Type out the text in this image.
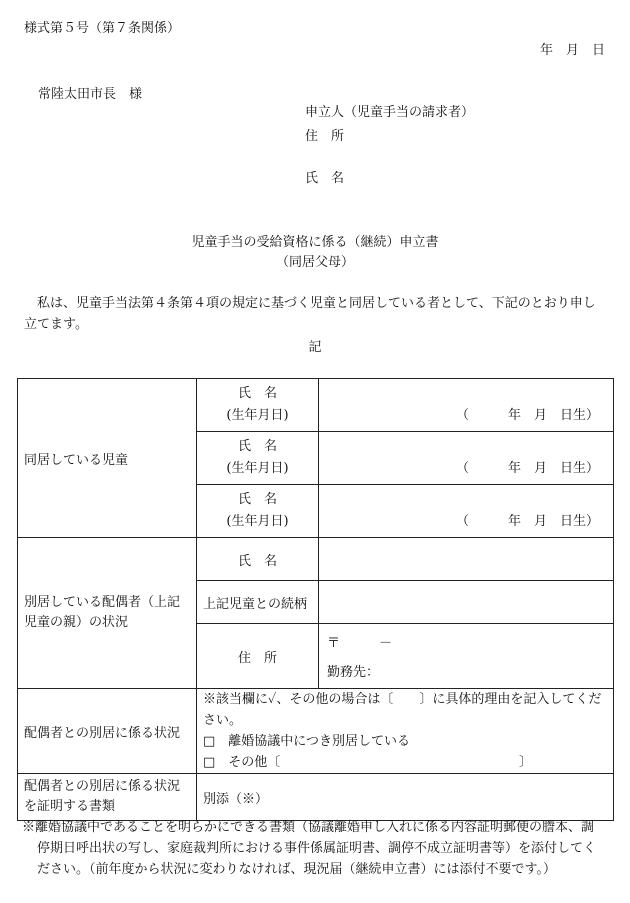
様式第５号（第７条関係）
年　月　日
常陸太田市長　様
申立人（児童手当の請求者）
住　所
氏　名
児童手当の受給資格に係る（継続）申立書
（同居父母）
　私は、児童手当法第４条第４項の規定に基づく児童と同居している者として、下記のとおり申し
立てます。
記
同居している児童	氏　名
(生年月日)	（　　　年　月　日生）

	氏　名
(生年月日)	（　　　年　月　日生）

	氏　名
(生年月日)	（　　　年　月　日生）

別居している配偶者（上記児童の親）の状況	氏　名	
	上記児童との続柄	
	住　所	〒　　　－
勤務先：

配偶者との別居に係る状況	※該当欄に✓、その他の場合は〔　　〕に具体的理由を記入してください。
□　離婚協議中につき別居している
□　その他〔 〕	

配偶者との別居に係る状況を証明する書類	別添（※）	
※離婚協議中であることを明らかにできる書類（協議離婚申し入れに係る内容証明郵便の謄本、調
停期日呼出状の写し、家庭裁判所における事件係属証明書、調停不成立証明書等）を添付してく
ださい。（前年度から状況に変わりなければ、現況届（継続申立書）には添付不要です。）
